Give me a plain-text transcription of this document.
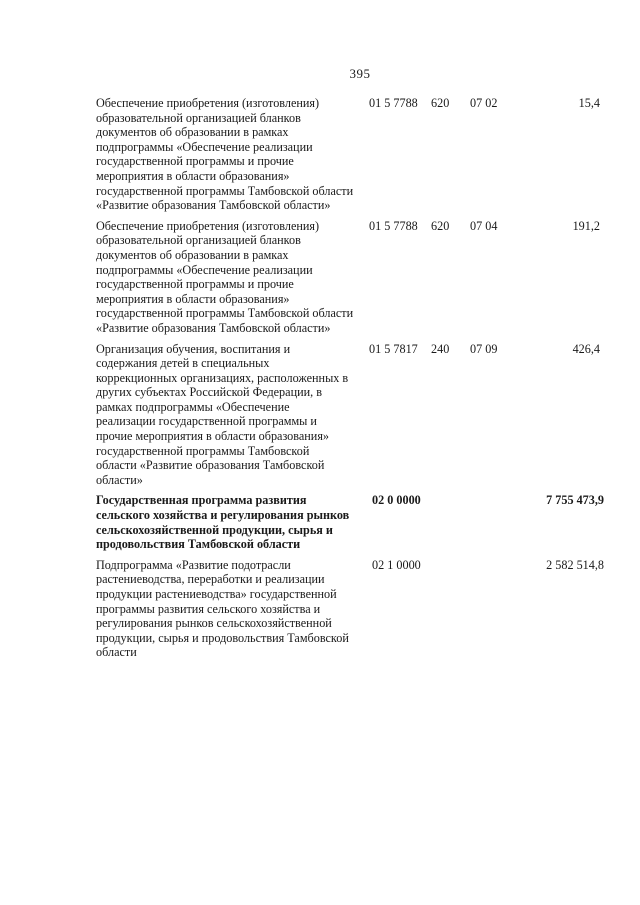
395
Обеспечение приобретения (изготовления) образовательной организацией бланков документов об образовании в рамках подпрограммы «Обеспечение реализации государственной программы и прочие мероприятия в области образования» государственной программы Тамбовской области «Развитие образования Тамбовской области»
01 5 7788 620 07 02	15,4
Обеспечение приобретения (изготовления) образовательной организацией бланков документов об образовании в рамках подпрограммы «Обеспечение реализации государственной программы и прочие мероприятия в области образования» государственной программы Тамбовской области «Развитие образования Тамбовской области»
01 5 7788 620 07 04	191,2
Организация обучения, воспитания и содержания детей в специальных коррекционных организациях, расположенных в других субъектах Российской Федерации, в рамках подпрограммы «Обеспечение реализации государственной программы и прочие мероприятия в области образования» государственной программы Тамбовской области «Развитие образования Тамбовской области»
01 5 7817 240 07 09	426,4
Государственная программа развития сельского хозяйства и регулирования рынков сельскохозяйственной продукции, сырья и продовольствия Тамбовской области
02 0 0000	7 755 473,9
Подпрограмма «Развитие подотрасли растениеводства, переработки и реализации продукции растениеводства» государственной программы развития сельского хозяйства и регулирования рынков сельскохозяйственной продукции, сырья и продовольствия Тамбовской области
02 1 0000	2 582 514,8
